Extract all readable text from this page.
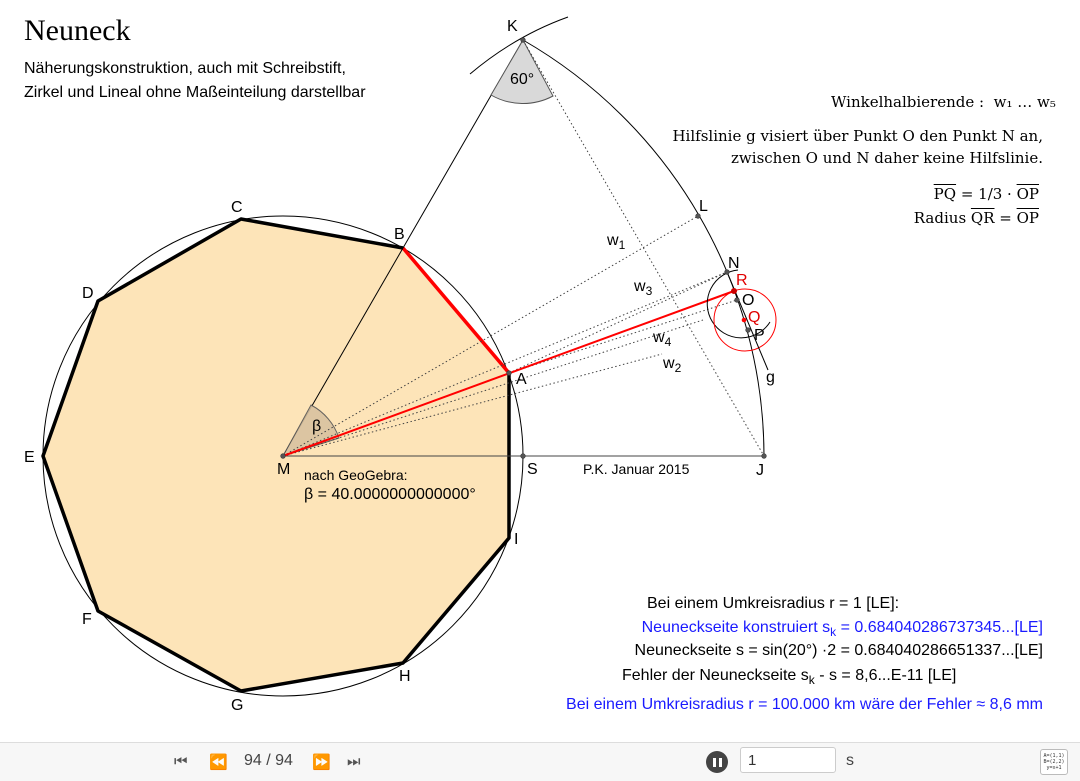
Neuneck
Näherungskonstruktion, auch mit Schreibstift,
Zirkel und Lineal ohne Maßeinteilung darstellbar
Winkelhalbierende : w₁ … w₅
Hilfslinie g visiert über Punkt O den Punkt N an,
zwischen O und N daher keine Hilfslinie.
$\overline{PQ} = 1/3 \cdot \overline{OP}$
Radius $\overline{QR} = \overline{OP}$
K
L
N
R
O
Q
P
g
A
B
C
D
E
F
G
H
I
M	S	J
$w_1$
$w_3$
$w_4$
$w_2$
60°
β
nach GeoGebra:
β = 40.0000000000000°
P.K. Januar 2015
Bei einem Umkreisradius r = 1 [LE]:
Neuneckseite konstruiert $s_k = 0.684040286737345...[LE]$
Neuneckseite s = sin(20°) ·2 = 0.684040286651337...[LE]
Fehler der Neuneckseite $s_k - s = 8,6...E-11$ [LE]
Bei einem Umkreisradius r = 100.000 km wäre der Fehler ≈ 8,6 mm
⏮ ⏪ 94 / 94 ⏩ ⏭
1	s	A=(1,1)
B=(2,2)
y=x+1
